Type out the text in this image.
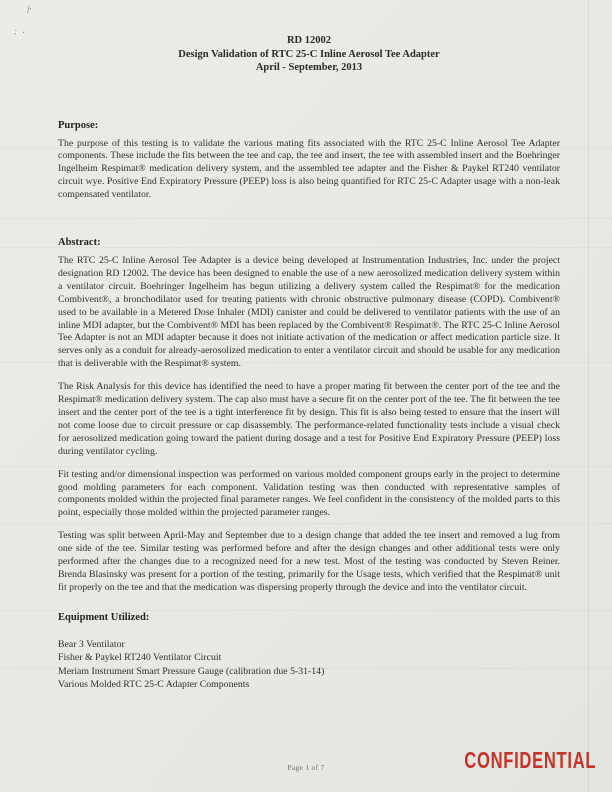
⁄·
: ·
RD 12002
Design Validation of RTC 25-C Inline Aerosol Tee Adapter
April - September, 2013
Purpose:

The purpose of this testing is to validate the various mating fits associated with the RTC 25-C Inline Aerosol Tee Adapter components. These include the fits between the tee and cap, the tee and insert, the tee with assembled insert and the Boehringer Ingelheim Respimat® medication delivery system, and the assembled tee adapter and the Fisher & Paykel RT240 ventilator circuit wye. Positive End Expiratory Pressure (PEEP) loss is also being quantified for RTC 25-C Adapter usage with a non-leak compensated ventilator.

Abstract:

The RTC 25-C Inline Aerosol Tee Adapter is a device being developed at Instrumentation Industries, Inc. under the project designation RD 12002. The device has been designed to enable the use of a new aerosolized medication delivery system within a ventilator circuit. Boehringer Ingelheim has begun utilizing a delivery system called the Respimat® for the medication Combivent®, a bronchodilator used for treating patients with chronic obstructive pulmonary disease (COPD). Combivent® used to be available in a Metered Dose Inhaler (MDI) canister and could be delivered to ventilator patients with the use of an inline MDI adapter, but the Combivent® MDI has been replaced by the Combivent® Respimat®. The RTC 25-C Inline Aerosol Tee Adapter is not an MDI adapter because it does not initiate activation of the medication or affect medication particle size. It serves only as a conduit for already-aerosolized medication to enter a ventilator circuit and should be usable for any medication that is deliverable with the Respimat® system.

The Risk Analysis for this device has identified the need to have a proper mating fit between the center port of the tee and the Respimat® medication delivery system. The cap also must have a secure fit on the center port of the tee. The fit between the tee insert and the center port of the tee is a tight interference fit by design. This fit is also being tested to ensure that the insert will not come loose due to circuit pressure or cap disassembly. The performance-related functionality tests include a visual check for aerosolized medication going toward the patient during dosage and a test for Positive End Expiratory Pressure (PEEP) loss during ventilator cycling.

Fit testing and/or dimensional inspection was performed on various molded component groups early in the project to determine good molding parameters for each component. Validation testing was then conducted with representative samples of components molded within the projected final parameter ranges. We feel confident in the consistency of the molded parts to this point, especially those molded within the projected parameter ranges.

Testing was split between April-May and September due to a design change that added the tee insert and removed a lug from one side of the tee. Similar testing was performed before and after the design changes and other additional tests were only performed after the changes due to a recognized need for a new test. Most of the testing was conducted by Steven Reiner. Brenda Blasinsky was present for a portion of the testing, primarily for the Usage tests, which verified that the Respimat® unit fit properly on the tee and that the medication was dispersing properly through the device and into the ventilator circuit.

Equipment Utilized:
Bear 3 Ventilator
Fisher & Paykel RT240 Ventilator Circuit
Meriam Instrument Smart Pressure Gauge (calibration due 5-31-14)
Various Molded RTC 25-C Adapter Components
Page 1 of 7	CONFIDENTIAL
